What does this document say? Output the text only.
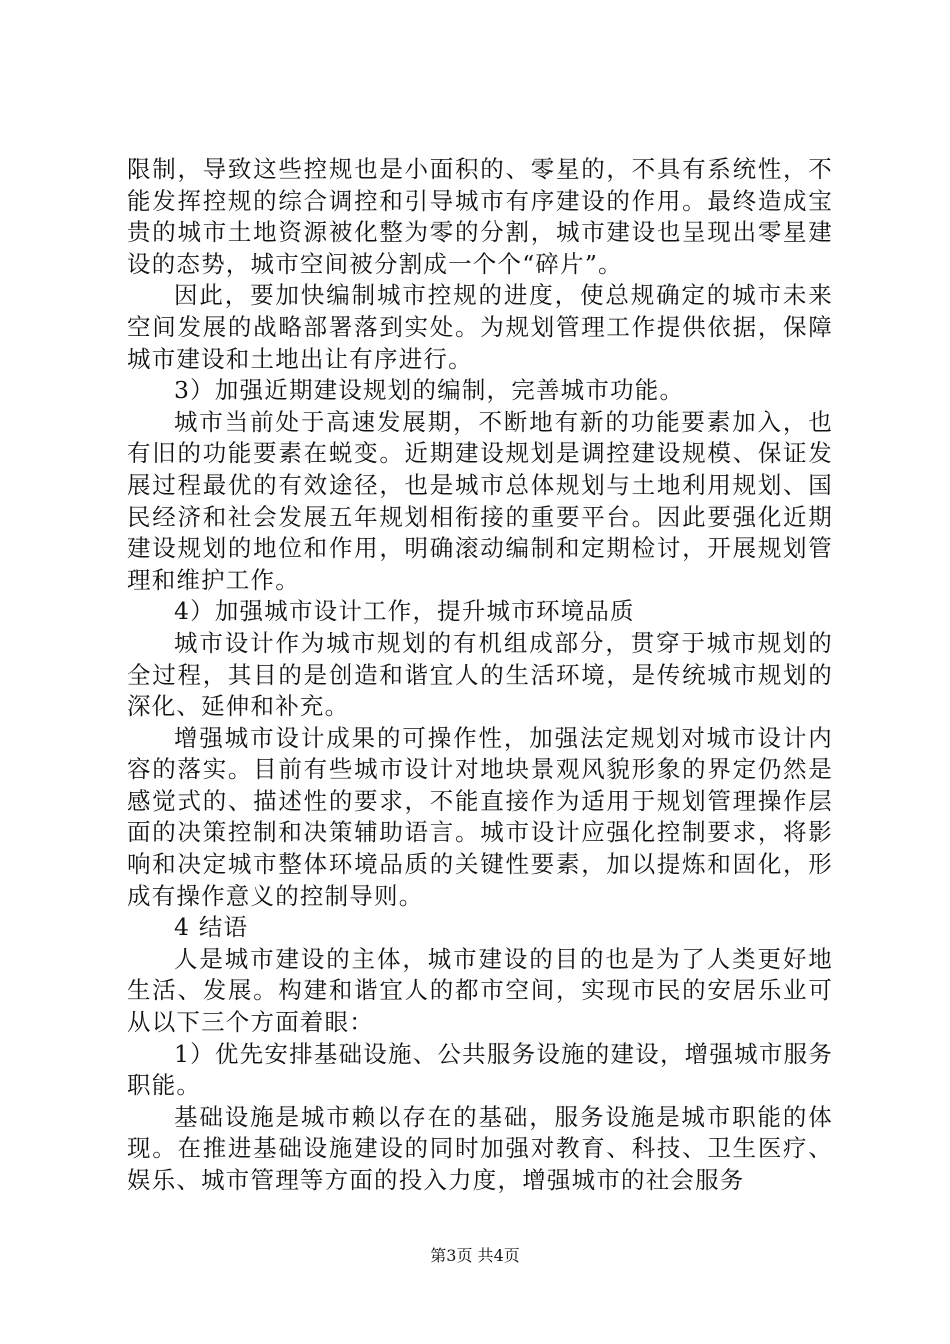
限制，导致这些控规也是小面积的、零星的，不具有系统性，不能发挥控规的综合调控和引导城市有序建设的作用。最终造成宝贵的城市土地资源被化整为零的分割，城市建设也呈现出零星建设的态势，城市空间被分割成一个个“碎片”。

因此，要加快编制城市控规的进度，使总规确定的城市未来空间发展的战略部署落到实处。为规划管理工作提供依据，保障城市建设和土地出让有序进行。

3）加强近期建设规划的编制，完善城市功能。

城市当前处于高速发展期，不断地有新的功能要素加入，也有旧的功能要素在蜕变。近期建设规划是调控建设规模、保证发展过程最优的有效途径，也是城市总体规划与土地利用规划、国民经济和社会发展五年规划相衔接的重要平台。因此要强化近期建设规划的地位和作用，明确滚动编制和定期检讨，开展规划管理和维护工作。

4）加强城市设计工作，提升城市环境品质

城市设计作为城市规划的有机组成部分，贯穿于城市规划的全过程，其目的是创造和谐宜人的生活环境，是传统城市规划的深化、延伸和补充。

增强城市设计成果的可操作性，加强法定规划对城市设计内容的落实。目前有些城市设计对地块景观风貌形象的界定仍然是感觉式的、描述性的要求，不能直接作为适用于规划管理操作层面的决策控制和决策辅助语言。城市设计应强化控制要求，将影响和决定城市整体环境品质的关键性要素，加以提炼和固化，形成有操作意义的控制导则。

4 结语

人是城市建设的主体，城市建设的目的也是为了人类更好地生活、发展。构建和谐宜人的都市空间，实现市民的安居乐业可从以下三个方面着眼：

1）优先安排基础设施、公共服务设施的建设，增强城市服务职能。

基础设施是城市赖以存在的基础，服务设施是城市职能的体现。在推进基础设施建设的同时加强对教育、科技、卫生医疗、娱乐、城市管理等方面的投入力度，增强城市的社会服务

第3页 共4页
